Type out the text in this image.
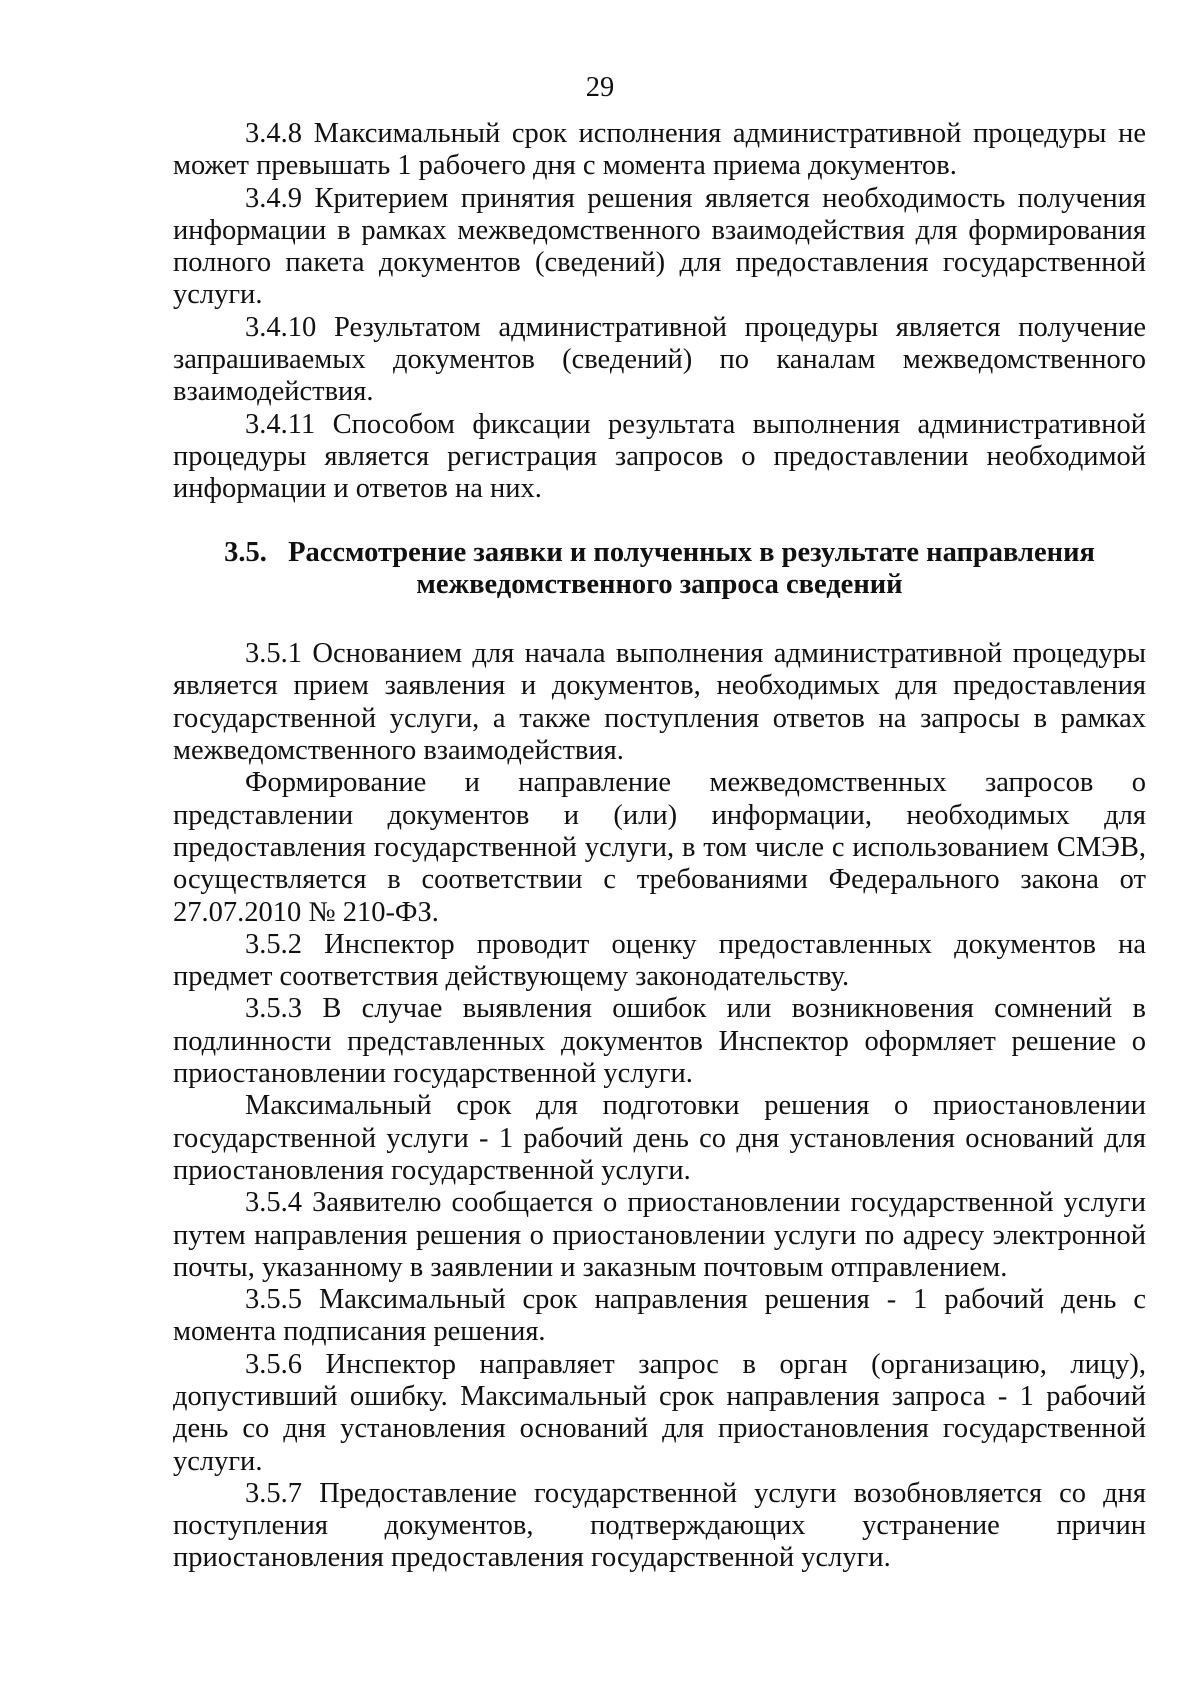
29

3.4.8 Максимальный срок исполнения административной процедуры не может превышать 1 рабочего дня с момента приема документов.

3.4.9 Критерием принятия решения является необходимость получения информации в рамках межведомственного взаимодействия для формирования полного пакета документов (сведений) для предоставления государственной услуги.

3.4.10 Результатом административной процедуры является получение запрашиваемых документов (сведений) по каналам межведомственного взаимодействия.

3.4.11 Способом фиксации результата выполнения административной процедуры является регистрация запросов о предоставлении необходимой информации и ответов на них.

3.5. Рассмотрение заявки и полученных в результате направления
межведомственного запроса сведений

3.5.1 Основанием для начала выполнения административной процедуры является прием заявления и документов, необходимых для предоставления государственной услуги, а также поступления ответов на запросы в рамках межведомственного взаимодействия.

Формирование и направление межведомственных запросов о представлении документов и (или) информации, необходимых для предоставления государственной услуги, в том числе с использованием СМЭВ, осуществляется в соответствии с требованиями Федерального закона от 27.07.2010 № 210-ФЗ.

3.5.2 Инспектор проводит оценку предоставленных документов на предмет соответствия действующему законодательству.

3.5.3 В случае выявления ошибок или возникновения сомнений в подлинности представленных документов Инспектор оформляет решение о приостановлении государственной услуги.

Максимальный срок для подготовки решения о приостановлении государственной услуги - 1 рабочий день со дня установления оснований для приостановления государственной услуги.

3.5.4 Заявителю сообщается о приостановлении государственной услуги путем направления решения о приостановлении услуги по адресу электронной почты, указанному в заявлении и заказным почтовым отправлением.

3.5.5 Максимальный срок направления решения - 1 рабочий день с момента подписания решения.

3.5.6 Инспектор направляет запрос в орган (организацию, лицу), допустивший ошибку. Максимальный срок направления запроса - 1 рабочий день со дня установления оснований для приостановления государственной услуги.

3.5.7 Предоставление государственной услуги возобновляется со дня поступления документов, подтверждающих устранение причин приостановления предоставления государственной услуги.
